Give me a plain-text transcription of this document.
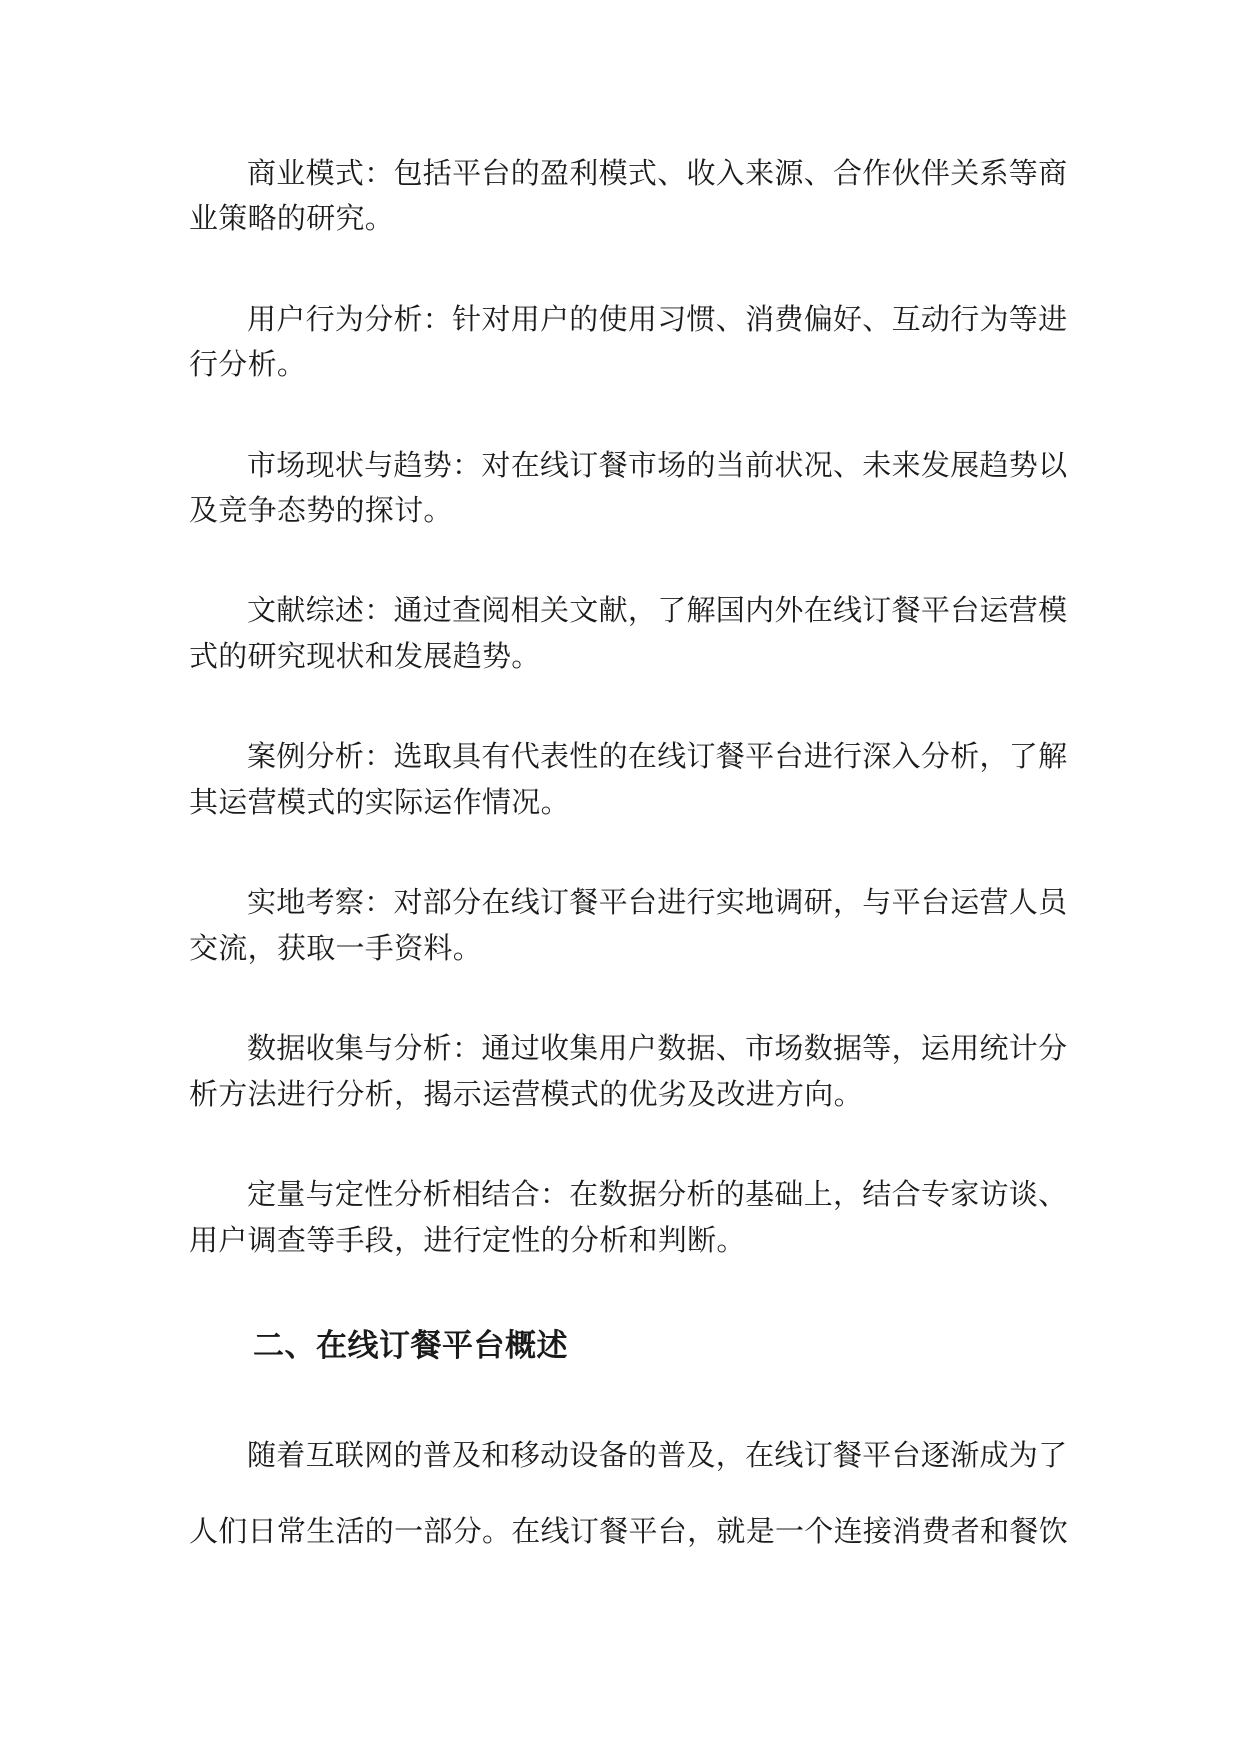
商业模式：包括平台的盈利模式、收入来源、合作伙伴关系等商
业策略的研究。
用户行为分析：针对用户的使用习惯、消费偏好、互动行为等进
行分析。
市场现状与趋势：对在线订餐市场的当前状况、未来发展趋势以
及竞争态势的探讨。
文献综述：通过查阅相关文献，了解国内外在线订餐平台运营模
式的研究现状和发展趋势。
案例分析：选取具有代表性的在线订餐平台进行深入分析，了解
其运营模式的实际运作情况。
实地考察：对部分在线订餐平台进行实地调研，与平台运营人员
交流，获取一手资料。
数据收集与分析：通过收集用户数据、市场数据等，运用统计分
析方法进行分析，揭示运营模式的优劣及改进方向。
定量与定性分析相结合：在数据分析的基础上，结合专家访谈、
用户调查等手段，进行定性的分析和判断。
二、在线订餐平台概述
随着互联网的普及和移动设备的普及，在线订餐平台逐渐成为了
人们日常生活的一部分。在线订餐平台，就是一个连接消费者和餐饮
